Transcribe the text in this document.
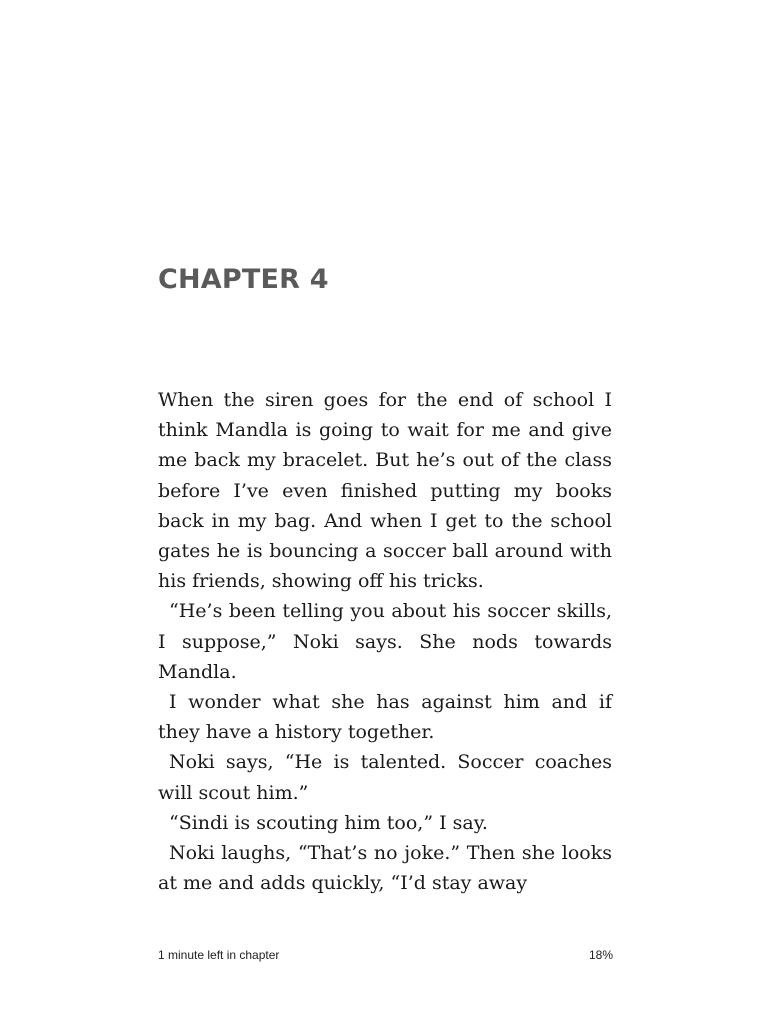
CHAPTER 4

When the siren goes for the end of school I think Mandla is going to wait for me and give me back my bracelet. But he’s out of the class before I’ve even finished putting my books back in my bag. And when I get to the school gates he is bouncing a soccer ball around with his friends, showing off his tricks.

“He’s been telling you about his soccer skills, I suppose,” Noki says. She nods towards Mandla.

I wonder what she has against him and if they have a history together.

Noki says, “He is talented. Soccer coaches will scout him.”

“Sindi is scouting him too,” I say.

Noki laughs, “That’s no joke.” Then she looks at me and adds quickly, “I’d stay away

1 minute left in chapter	18%
